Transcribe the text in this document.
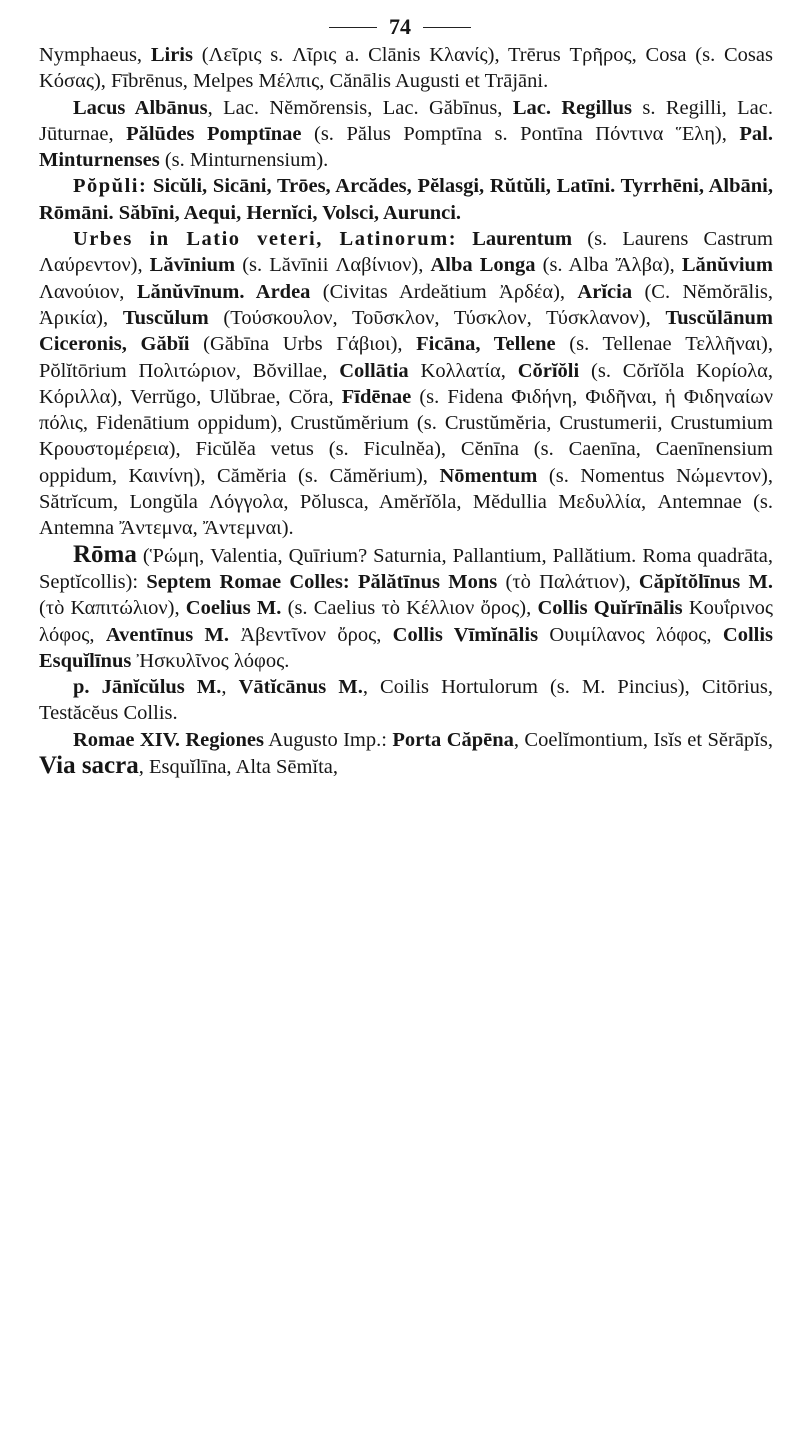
74

Nymphaeus, Liris (Λεῖρις s. Λῖρις a. Clānis Κλανίς), Trērus Τρῆρος, Cosa (s. Cosas Κόσας), Fībrēnus, Melpes Μέλπις, Cănālis Augusti et Trājāni.

Lacus Albānus, Lac. Nĕmŏrensis, Lac. Găbīnus, Lac. Regillus s. Regilli, Lac. Jūturnae, Pălūdes Pomptīnae (s. Pălus Pomptīna s. Pontīna Πόντινα Ἕλη), Pal. Minturnenses (s. Minturnensium).

Pŏpŭli: Sicŭli, Sicāni, Trōes, Arcădes, Pĕlasgi, Rŭtŭli, Latīni. Tyrrhēni, Albāni, Rōmāni. Săbīni, Aequi, Hernĭci, Volsci, Aurunci.

Urbes in Latio veteri, Latinorum: Laurentum (s. Laurens Castrum Λαύρεντον), Lăvīnium (s. Lăvīnii Λαβίνιον), Alba Longa (s. Alba Ἄλβα), Lănŭvium Λανούιον, Lănŭvīnum. Ardea (Civitas Ardeătium Ἀρδέα), Arĭcia (C. Nĕmŏrālis, Ἀρικία), Tuscŭlum (Τούσκουλον, Τοῦσκλον, Τύσκλον, Τύσκλανον), Tuscŭlānum Ciceronis, Găbĭi (Găbīna Urbs Γάβιοι), Ficāna, Tellene (s. Tellenae Τελλῆναι), Pŏlĭtōrium Πολιτώριον, Bŏvillae, Collātia Κολλατία, Cŏrĭŏli (s. Cŏrĭŏla Κορίολα, Κόριλλα), Verrŭgo, Ulŭbrae, Cŏra, Fīdēnae (s. Fidena Φιδήνη, Φιδῆναι, ἡ Φιδηναίων πόλις, Fidenātium oppidum), Crustŭmĕrium (s. Crustŭmĕria, Crustumerii, Crustumium Κρουστομέρεια), Ficŭlĕa vetus (s. Ficulnĕa), Cĕnīna (s. Caenīna, Caenīnensium oppidum, Καινίνη), Cămĕria (s. Cămĕrium), Nōmentum (s. Nomentus Νώμεντον), Sătrĭcum, Longŭla Λόγγολα, Pŏlusca, Amĕrĭŏla, Mĕdullia Μεδυλλία, Antemnae (s. Antemna Ἄντεμνα, Ἄντεμναι).

Rōma (Ῥώμη, Valentia, Quīrium? Saturnia, Pallantium, Pallătium. Roma quadrāta, Septĭcollis): Septem Romae Colles: Pălătīnus Mons (τὸ Παλάτιον), Căpĭtŏlīnus M. (τὸ Καπιτώλιον), Coelius M. (s. Caelius τὸ Κέλλιον ὄρος), Collis Quĭrīnālis Κουΐρινος λόφος, Aventīnus M. Ἀβεντῖνον ὄρος, Collis Vīmĭnālis Ουιμίλανος λόφος, Collis Esquĭlīnus Ἠσκυλῖνος λόφος.

p. Jānĭcŭlus M., Vātĭcānus M., Coilis Hortulorum (s. M. Pincius), Citōrius, Testăcĕus Collis.

Romae XIV. Regiones Augusto Imp.: Porta Căpēna, Coelĭmontium, Isĭs et Sĕrāpĭs, Via sacra, Esquĭlīna, Alta Sēmĭta,
